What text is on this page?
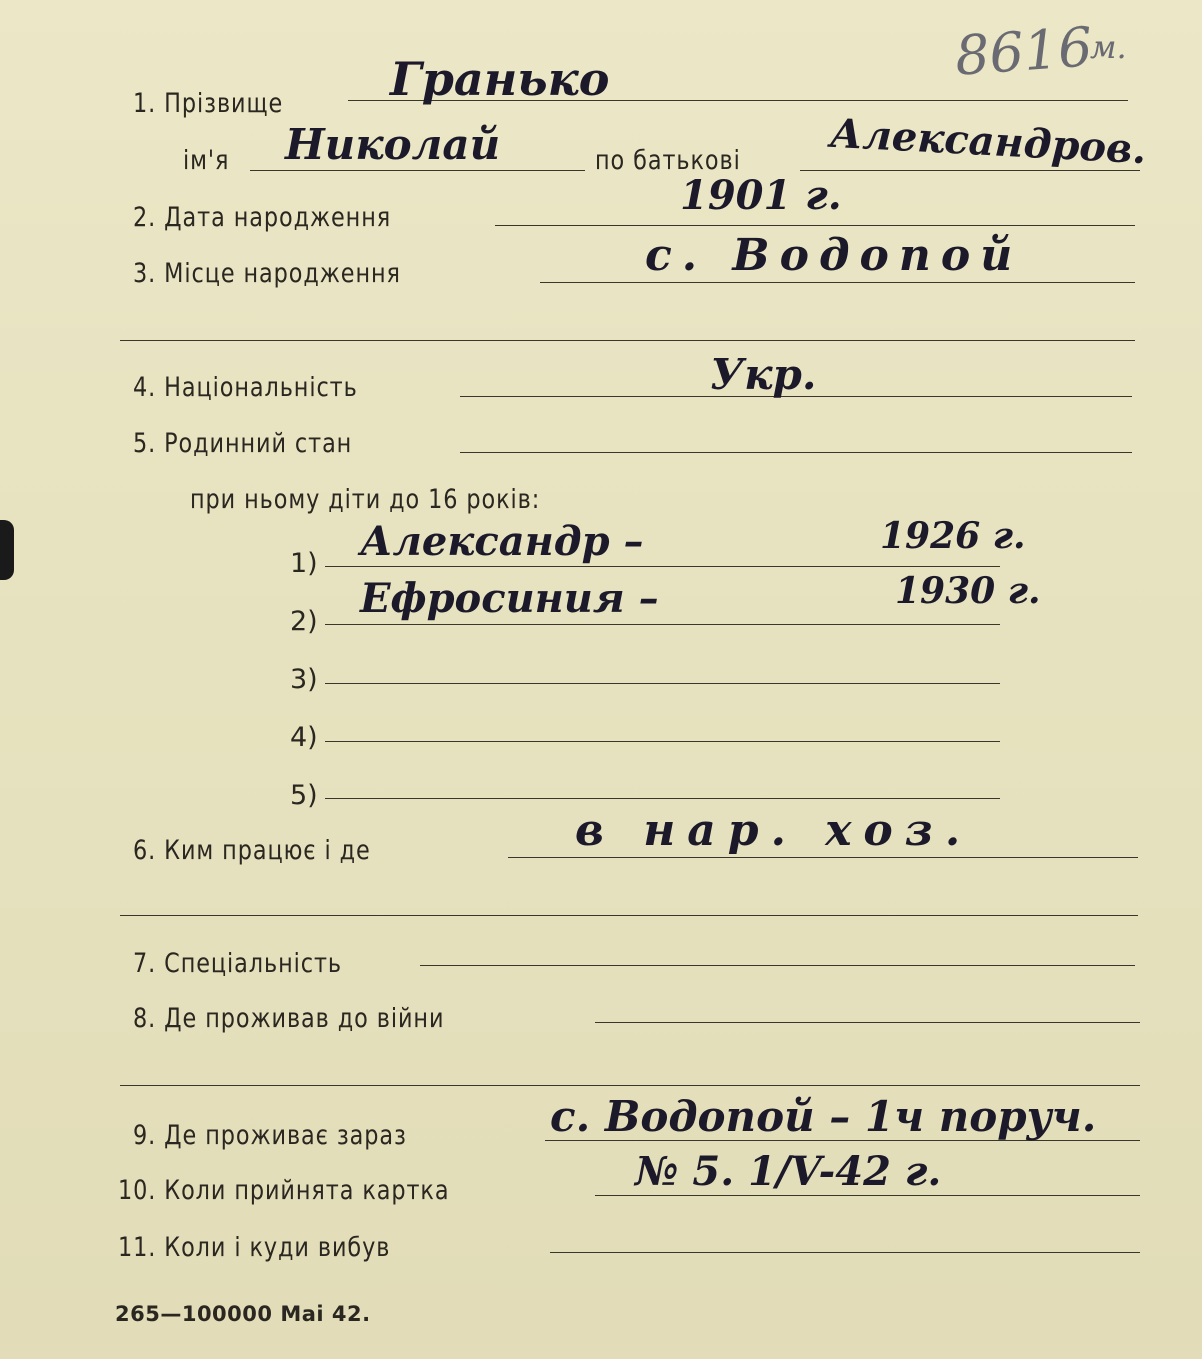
8616
м.
1. Прізвище Гранько
ім'я Николай	по батькові Александров.
2. Дата народження	1901 г.
3. Місце народження	с. Водопой
4. Національність	Укр.
5. Родинний стан
при ньому діти до 16 років:
1) Александр –	1926 г.
2) Ефросиния –	1930 г.
3)
4)
5)
6. Ким працює і де	в нар. хоз.
7. Спеціальність
8. Де проживав до війни
9. Де проживає зараз	с. Водопой – 1ч поруч.
10. Коли прийнята картка	№ 5. 1/V-42 г.
11. Коли і куди вибув
265—100000 Маі 42.
